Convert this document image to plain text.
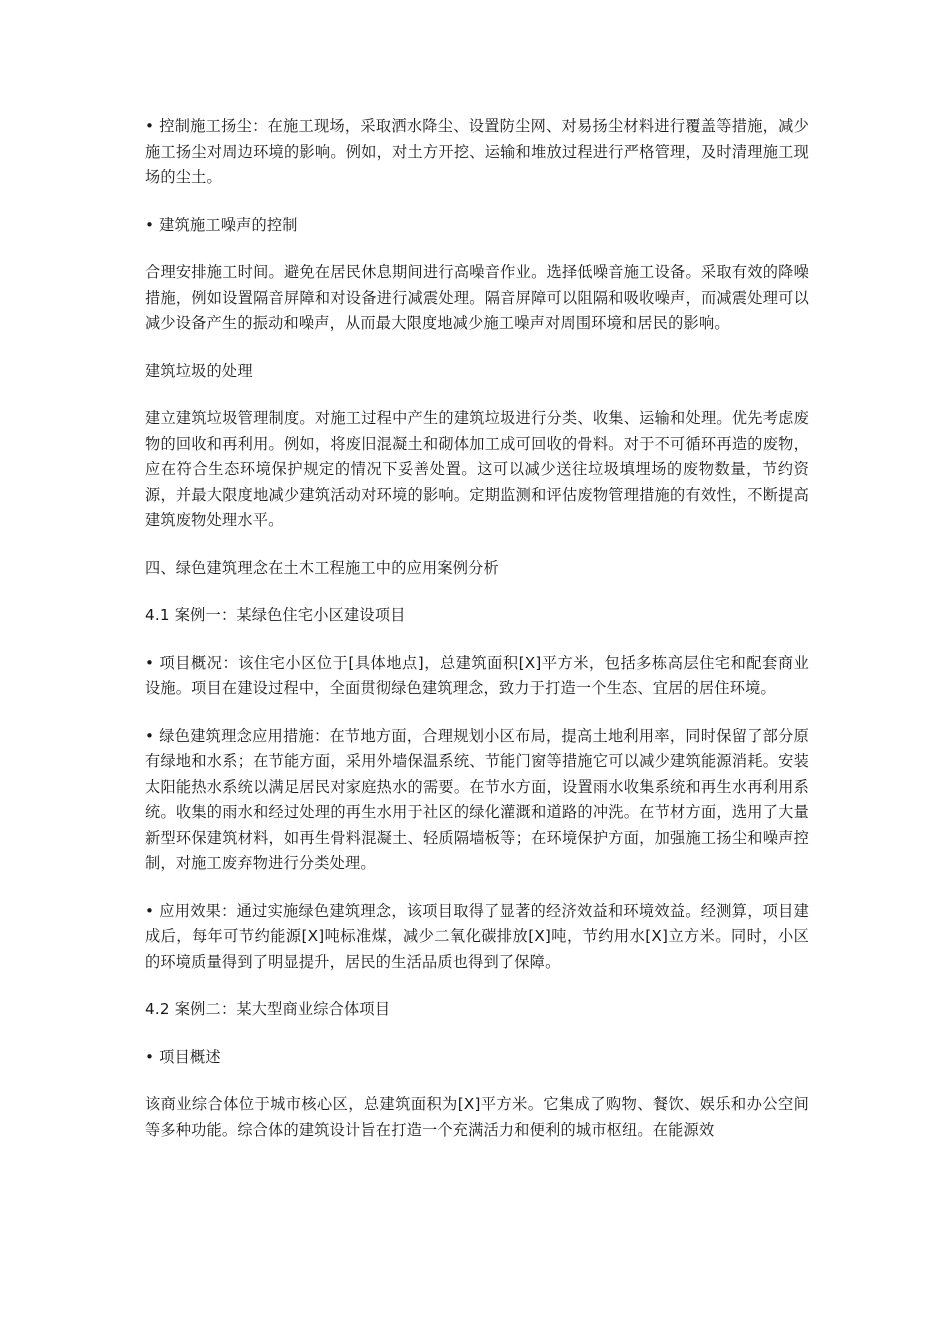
• 控制施工扬尘：在施工现场，采取洒水降尘、设置防尘网、对易扬尘材料进行覆盖等措施，减少施工扬尘对周边环境的影响。例如，对土方开挖、运输和堆放过程进行严格管理，及时清理施工现场的尘土。

• 建筑施工噪声的控制

合理安排施工时间。避免在居民休息期间进行高噪音作业。选择低噪音施工设备。采取有效的降噪措施，例如设置隔音屏障和对设备进行减震处理。隔音屏障可以阻隔和吸收噪声，而减震处理可以减少设备产生的振动和噪声，从而最大限度地减少施工噪声对周围环境和居民的影响。

建筑垃圾的处理

建立建筑垃圾管理制度。对施工过程中产生的建筑垃圾进行分类、收集、运输和处理。优先考虑废物的回收和再利用。例如，将废旧混凝土和砌体加工成可回收的骨料。对于不可循环再造的废物，应在符合生态环境保护规定的情况下妥善处置。这可以减少送往垃圾填埋场的废物数量，节约资源，并最大限度地减少建筑活动对环境的影响。定期监测和评估废物管理措施的有效性，不断提高建筑废物处理水平。

四、绿色建筑理念在土木工程施工中的应用案例分析

4.1 案例一：某绿色住宅小区建设项目

• 项目概况：该住宅小区位于[具体地点]，总建筑面积[X]平方米，包括多栋高层住宅和配套商业设施。项目在建设过程中，全面贯彻绿色建筑理念，致力于打造一个生态、宜居的居住环境。

• 绿色建筑理念应用措施：在节地方面，合理规划小区布局，提高土地利用率，同时保留了部分原有绿地和水系；在节能方面，采用外墙保温系统、节能门窗等措施它可以减少建筑能源消耗。安装太阳能热水系统以满足居民对家庭热水的需要。在节水方面，设置雨水收集系统和再生水再利用系统。收集的雨水和经过处理的再生水用于社区的绿化灌溉和道路的冲洗。在节材方面，选用了大量新型环保建筑材料，如再生骨料混凝土、轻质隔墙板等；在环境保护方面，加强施工扬尘和噪声控制，对施工废弃物进行分类处理。

• 应用效果：通过实施绿色建筑理念，该项目取得了显著的经济效益和环境效益。经测算，项目建成后，每年可节约能源[X]吨标准煤，减少二氧化碳排放[X]吨，节约用水[X]立方米。同时，小区的环境质量得到了明显提升，居民的生活品质也得到了保障。

4.2 案例二：某大型商业综合体项目

• 项目概述

该商业综合体位于城市核心区，总建筑面积为[X]平方米。它集成了购物、餐饮、娱乐和办公空间等多种功能。综合体的建筑设计旨在打造一个充满活力和便利的城市枢纽。在能源效
